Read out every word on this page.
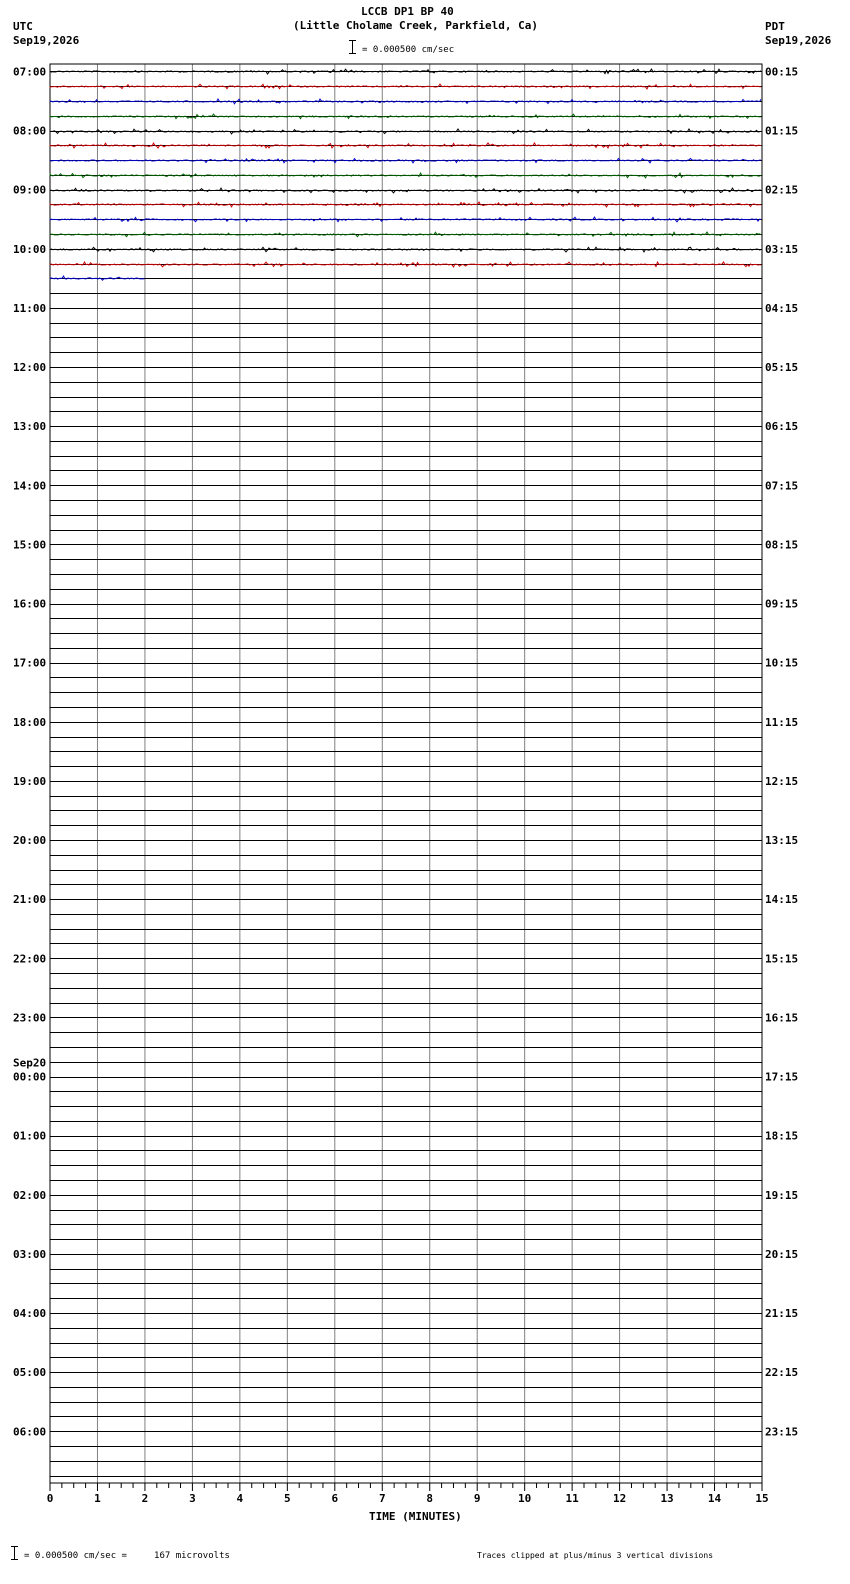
LCCB DP1 BP 40
(Little Cholame Creek, Parkfield, Ca)
UTC
Sep19,2026
PDT
Sep19,2026
= 0.000500 cm/sec
07:00
08:00
09:00
10:00
11:00
12:00
13:00
14:00
15:00
16:00
17:00
18:00
19:00
20:00
21:00
22:00
23:00
00:00
Sep20
01:00
02:00
03:00
04:00
05:00
06:00
00:15
01:15
02:15
03:15
04:15
05:15
06:15
07:15
08:15
09:15
10:15
11:15
12:15
13:15
14:15
15:15
16:15
17:15
18:15
19:15
20:15
21:15
22:15
23:15
0	1	2	3	4	5	6	7	8	9	10	11	12	13	14	15
TIME (MINUTES)
= 0.000500 cm/sec =     167 microvolts	Traces clipped at plus/minus 3 vertical divisions
